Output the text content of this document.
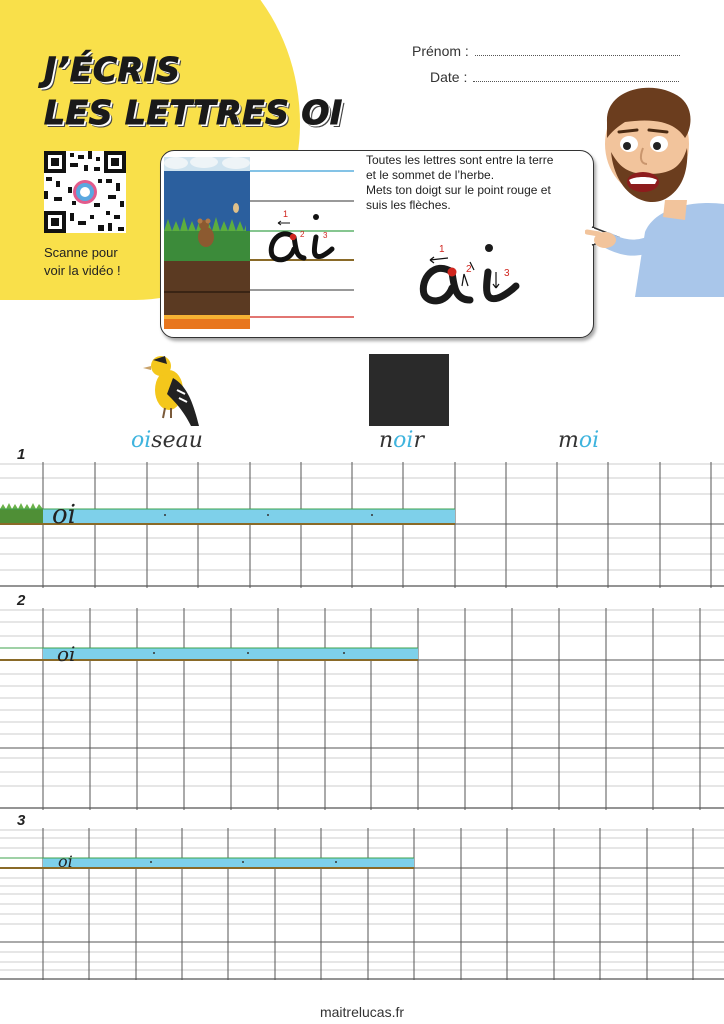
J’ÉCRIS
LES LETTRES OI
Prénom :
Date :
Scanne pour
voir la vidéo !
1
2 3
Toutes les lettres sont entre la terre
et le sommet de l’herbe.
Mets ton doigt sur le point rouge et
suis les flèches.
1
2	3
oiseau	noir	moi
1
2
3
oi
oi
oi
maitrelucas.fr
